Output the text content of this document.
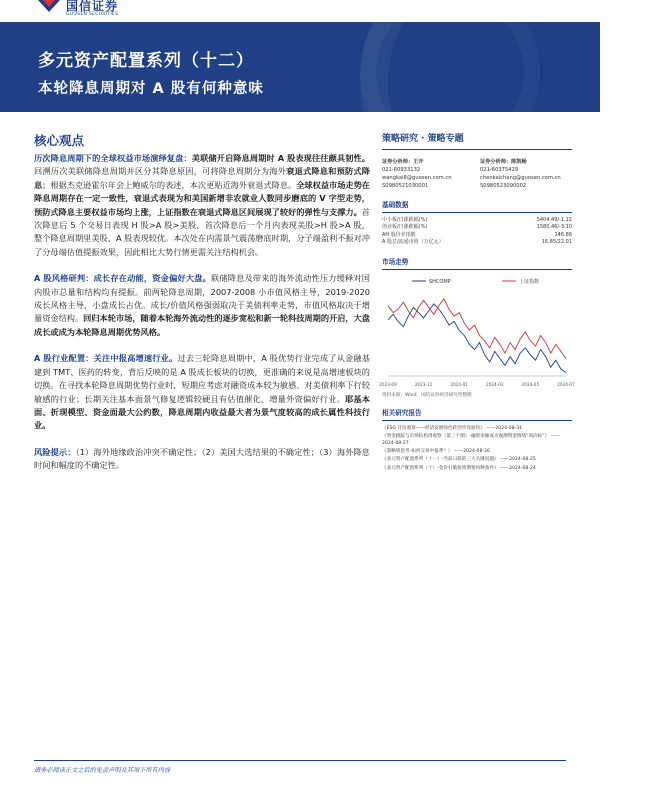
国信证券
GUOSEN SECURITIES
多元资产配置系列（十二）
本轮降息周期对 A 股有何种意味
核心观点

历次降息周期下的全球权益市场演绎复盘：美联储开启降息周期时 A 股表现往往颇具韧性。回溯历次美联储降息周期并区分其降息原因，可将降息周期分为海外衰退式降息和预防式降息；根据杰克逊霍尔年会上鲍威尔的表述，本次更贴近海外衰退式降息。全球权益市场走势在降息周期存在一定一致性，衰退式表现为和美国新增非农就业人数同步磨底的 V 字型走势，预防式降息主要权益市场均上涨，上证指数在衰退式降息区间展现了较好的弹性与支撑力。首次降息后 5 个交易日表现 H 股>A 股>美股，首次降息后一个月内表现美股>H 股>A 股，整个降息周期里美股、A 股表现较优。本次处在内需景气震荡磨底时期，分子端盈利不振对冲了分母端估值提振效果，因此相比大势行情更需关注结构机会。

A 股风格研判：成长存在动能，资金偏好大盘。联储降息及带来的海外流动性压力缓释对国内股市总量和结构均有提振。前两轮降息周期，2007-2008 小市值风格主导，2019-2020 成长风格主导，小盘成长占优。成长/价值风格强弱取决于美债利率走势，市值风格取决于增量资金结构。回归本轮市场，随着本轮海外流动性的逐步宽松和新一轮科技周期的开启，大盘成长或成为本轮降息周期优势风格。

A 股行业配置：关注中报高增速行业。过去三轮降息周期中，A 股优势行业完成了从金融基建到 TMT、医药的转变，背后反映的是 A 股成长板块的切换，更准确的来说是高增速板块的切换。在寻找本轮降息周期优势行业时，短期应考虑对融资成本较为敏感、对美债利率下行较敏感的行业；长期关注基本面景气修复逻辑较硬且有估值催化、增量外资偏好行业。耶基本面、折现模型、资金面最大公约数，降息周期内收益最大者为景气度较高的成长属性科技行业。

风险提示：（1）海外地缘政治冲突不确定性；（2）美国大选结果的不确定性；（3）海外降息时间和幅度的不确定性。

策略研究 · 策略专题
证券分析师：王开
021-60933132
wangkai8@guosen.com.cn
S0980521030001
证券分析师：陈凯畅
021-60375429
chenkaichang@guosen.com.cn
S0980523090002
基础数据
中小板/日涨跌幅(%)	5404.49/-1.12
创业板/日涨跌幅(%)	1580.46/-3.10
AH 股价差指数	146.86
A 股总/流通市值（万亿元）	16.85/22.01
市场走势
SHCOMP	上证指数
2023-09	2023-11	2024-01	2024-03	2024-05	2024-07
资料来源：Wind、国信证券经济研究所整理
相关研究报告
《ESG 月度观察——经济发展绿色转型步伐加快》 ——2024-08-31
《资金跟踪与市场结构周观察（第三十期）-融资余额成为观测资金情绪“风向标”》 ——2024-08-27
《策略周思考-如何交易中报季？》 ——2024-08-26
《多元资产配置系列（十一）-当前日债的三大关键问题》 ——2024-08-25
《多元资产配置系列（十）-金价打破债周期要何种条件》 ——2024-08-24
请务必阅读正文之后的免责声明及其项下所有内容
